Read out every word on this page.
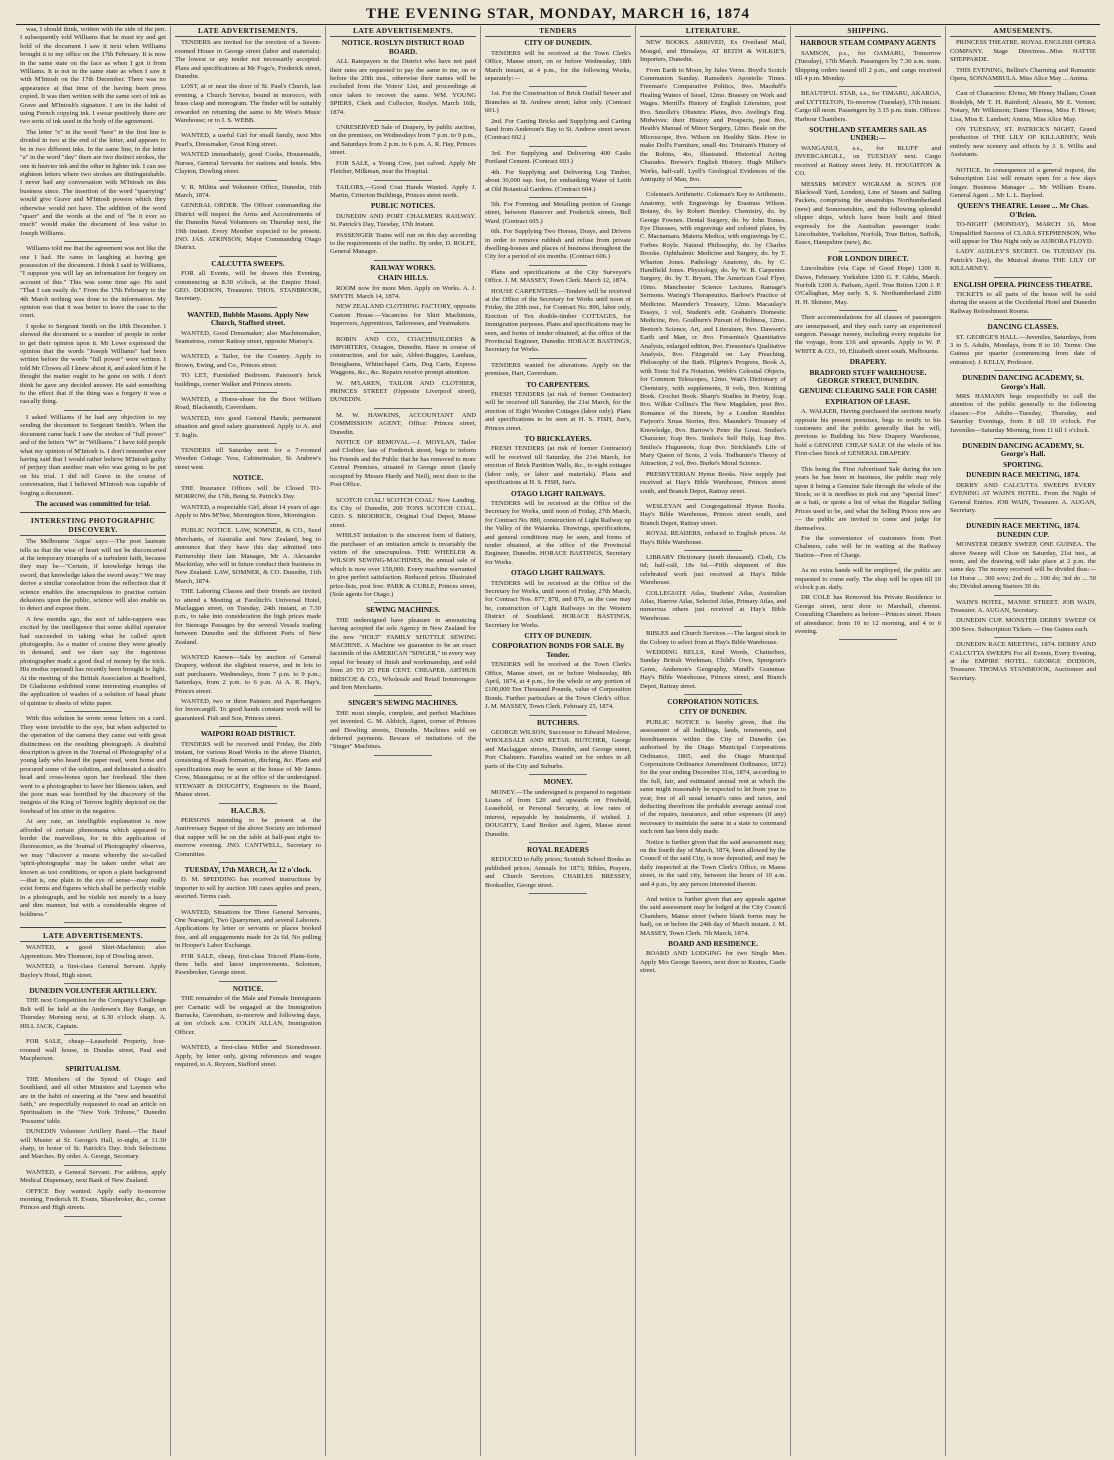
THE EVENING STAR, MONDAY, MARCH 16, 1874

was, I should think, written with the side of the pen. I subsequently told Williams that he must try and get hold of the document I saw it next when Williams brought it to my office on the 17th February. It is now in the same state on the face as when I got it from Williams. It is not in the same state as when I saw it with M'Intosh on the 17th December. There was no appearance at that time of the having been press copied. It was then written with the same sort of ink as Grave and M'Intosh's signature. I am in the habit of using French copying ink. I swear positively there are two sorts of ink used in the body of the agreement.

The letter "e" in the word "here" in the first line is divided in two at the end of the letter, and appears to be in two different inks. In the same line, in the letter "a" in the word "day" there are two distinct strokes, the one in heavier ink and the other in lighter ink. I can see eighteen letters where two strokes are distinguishable. I never had any conversation with M'Intosh on this business since. The insertion of the word "quarrying" would give Grave and M'Intosh powers which they otherwise would not have. The addition of the word "quarr" and the words at the end of "be it ever so much" would make the document of less value to Joseph Williams.

Williams told me that the agreement was not like the one I had. He came in laughing at having got possession of the document. I think I said to Williams, "I suppose you will lay an information for forgery on account of this." This was some time ago. He said "That I can easily do." From the 17th February to the 4th March nothing was done to the information. My opinion was that it was better to leave the case to the court.

I spoke to Sergeant Smith on the 18th December. I showed the document to a number of people in order to get their opinion upon it. Mr Lowe expressed the opinion that the words "Joseph Williams" had been written before the words "full power" were written. I told Mr Clowes all I knew about it, and asked him if he thought the matter ought to be gone on with. I don't think he gave any decided answer. He said something to the effect that if the thing was a forgery it was a rascally thing.

I asked Williams if he had any objection to my sending the document to Sergeant Smith's. When the document came back I saw the strokes of "full power" and of the letters "W" in "Williams." I have told people what my opinion of M'Intosh is. I don't remember ever having said that I would rather believe M'Intosh guilty of perjury than another man who was going to be put on his trial. I did tell Grave in the course of conversation, that I believed M'Intosh was capable of forging a document.

The accused was committed for trial.

INTERESTING PHOTOGRAPHIC DISCOVERY.

The Melbourne 'Argus' says:—The poet laureate tells us that the wise of heart will not be disconcerted at the temporary triumphs of a turbulent faith, because they may be—"Certain, if knowledge brings the sword, that knowledge takes the sword away." We may derive a similar consolation from the reflection that if science enables the unscrupulous to practise certain delusions upon the public, science will also enable us to detect and expose them.

A few months ago, the sect of table-rappers was excited by the intelligence that some skilful operator had succeeded in taking what he called spirit photographs. As a matter of course they were greatly in demand, and we dare say the ingenious photographer made a good deal of money by the trick. His modus operandi has recently been brought to light. At the meeting of the British Association at Bradford, Dr Gladstone exhibited some interesting examples of the application of washes of a solution of basal phate of quinine to sheets of white paper.

With this solution he wrote some letters on a card. They were invisible to the eye, but when subjected to the operation of the camera they came out with great distinctness on the resulting photograph. A doubtful description is given in the 'Journal of Photography' of a young lady who heard the paper read, went home and procured some of the solution, and delineated a death's head and cross-bones upon her forehead. She then went to a photographer to have her likeness taken, and the poor man was horrified by the discovery of the insignia of the King of Terrors legibly depicted on the forehead of his sitter in the negative.

At any rate, an intelligible explanation is now afforded of certain phenomena which appeared to border the marvellous, for in this application of fluorescence, as the 'Journal of Photography' observes, we may "discover a means whereby the so-called 'spirit-photographs' may be taken under what are known as test conditions, or upon a plain background—that is, one plain to the eye of sense—may really exist forms and figures which shall be perfectly visible in a photograph, and be visible not merely in a hazy and dim manner, but with a considerable degree of boldness."

LATE ADVERTISEMENTS.

WANTED, a good Shirt-Machinist; also Apprentices. Mrs Thomson, top of Dowling street.

WANTED, a first-class General Servant. Apply Bayley's Hotel, High street.

DUNEDIN VOLUNTEER ARTILLERY.

THE next Competition for the Company's Challenge Belt will be held at the Andersen's Bay Range, on Thursday Morning next, at 6.30 o'clock sharp. A. HILL JACK, Captain.

FOR SALE, cheap—Leasehold Property, four-roomed wall house, in Dundas street, Paul and Macpherson.

SPIRITUALISM.

THE Members of the Synod of Otago and Southland, and all other Ministers and Laymen who are in the habit of sneering at the "new and beautiful faith," are respectfully requested to read an article on Spiritualism in the "New York Tribune," Dunedin 'Possums' table.

DUNEDIN Volunteer Artillery Band.—The Band will Muster at St. George's Hall, to-night, at 11.30 sharp, in honor of St. Patrick's Day. Irish Selections and Marches. By order. A. George, Secretary.

WANTED, a General Servant. For address, apply Medical Dispensary, next Bank of New Zealand.

OFFICE Boy wanted. Apply early to-morrow morning, Frederick H. Evans, Sharebroker, &c., corner Princes and High streets.

LATE ADVERTISEMENTS.

TENDERS are invited for the erection of a Seven-roomed House in George street (labor and materials). The lowest or any tender not necessarily accepted. Plans and specifications at Mr Fogo's, Frederick street, Dunedin.

LOST, at or near the door of St. Paul's Church, last evening, a Church Service, bound in morocco, with brass clasp and monogram. The finder will be suitably rewarded on returning the same to Mr West's Music Warehouse; or to J. S. WEBB.

WANTED, a useful Girl for small family, next Mrs Pearl's, Dressmaker, Great King street.

WANTED immediately, good Cooks, Housemaids, Nurses, General Servants for stations and hotels. Mrs Clayton, Dowling street.

V. R. Militia and Volunteer Office, Dunedin, 16th March, 1874.

GENERAL ORDER. The Officer commanding the District will inspect the Arms and Accoutrements of the Dunedin Naval Volunteers on Thursday next, the 19th instant. Every Member expected to be present. JNO. JAS. ATKINSON, Major Commanding Otago District.

CALCUTTA SWEEPS.

FOR all Events, will be drawn this Evening, commencing at 8.30 o'clock, at the Empire Hotel. GEO. DODSON, Treasurer. THOS. STANBROOK, Secretary.

WANTED, Bubble Masons. Apply New Church, Stafford street.

WANTED, Good Dressmaker; also Machinemaker, Seamstress, corner Rattray street, opposite Murray's.

WANTED, a Tailor, for the Country. Apply to Brown, Ewing, and Co., Princes street.

TO LET, Furnished Bedroom. Paterson's brick buildings, corner Walker and Princes streets.

WANTED, a Horse-shoer for the Boot William Road, Blacksmith, Caversham.

WANTED, two good General Hands; permanent situation and good salary guaranteed. Apply to A. and T. Inglis.

TENDERS till Saturday next for a 7-roomed Wooden Cottage. Yess, Cabinetmaker, St. Andrew's street west.

NOTICE.

THE Insurance Offices will be Closed TO-MORROW, the 17th, Being St. Patrick's Day.

WANTED, a respectable Girl, about 14 years of age. Apply to Mrs M'Nee, Mornington Store, Mornington.

PUBLIC NOTICE. LAW, SOMNER, & CO., Seed Merchants, of Australia and New Zealand, beg to announce that they have this day admitted into Partnership their late Manager, Mr A. Alexander Mackinlay, who will in future conduct their business in New Zealand. LAW, SOMNER, & CO. Dunedin, 11th March, 1874.

THE Laboring Classes and their friends are invited to attend a Meeting at Farelitch's Universal Hotel, Maclaggan street, on Tuesday, 24th instant, at 7.30 p.m., to take into consideration the high prices made for Steerage Passages by the several Vessels trading between Dunedin and the different Ports of New Zealand.

WANTED Known—Sale by auction of General Drapery, without the slightest reserve, and in lots to suit purchasers. Wednesdays, from 7 p.m. to 9 p.m.; Saturdays, from 2 p.m. to 6 p.m. At A. R. Hay's, Princes street.

WANTED, two or three Painters and Paperhangers for Invercargill. To good hands constant work will be guaranteed. Fish and Son, Princes street.

WAIPORI ROAD DISTRICT.

TENDERS will be received until Friday, the 20th instant, for various Road Works in the above District, consisting of Roads formation, ditching, &c. Plans and specifications may be seen at the house of Mr James Crow, Maungatua; or at the office of the undersigned. STEWART & DOUGHTY, Engineers to the Board, Manse street.

H.A.C.B.S.

PERSONS intending to be present at the Anniversary Supper of the above Society are informed that supper will be on the table at half-past eight to-morrow evening. JNO. CANTWELL, Secretary to Committee.

TUESDAY, 17th MARCH, At 12 o'clock.

D. M. SPEDDING has received instructions by importer to sell by auction 100 cases apples and pears, assorted. Terms cash.

WANTED, Situations for Three General Servants, One Nursegirl, Two Quarrymen, and several Laborers. Applications by letter or servants or places booked free, and all engagements made for 2s 6d. No pulling in Hooper's Labor Exchange.

FOR SALE, cheap, first-class Tricord Plane-forte, three bells and latest improvements. Solomon, Pawnbroker, George street.

NOTICE.

THE remainder of the Male and Female Immigrants per Carnatic will be engaged at the Immigration Barracks, Caversham, to-morrow and following days, at ten o'clock a.m. COLIN ALLAN, Immigration Officer.

WANTED, a first-class Miller and Stonedresser. Apply, by letter only, giving references and wages required, to A. Reyzen, Stafford street.

LATE ADVERTISEMENTS.

NOTICE. ROSLYN DISTRICT ROAD BOARD.

ALL Ratepayers in the District who have not paid their rates are requested to pay the same to me, on or before the 20th inst., otherwise their names will be excluded from the Voters' List, and proceedings at once taken to recover the same. WM. YOUNG SPIERS, Clerk and Collector, Roslyn. March 16th, 1874.

UNRESERVED Sale of Drapery, by public auction, on the premises, on Wednesdays from 7 p.m. to 9 p.m., and Saturdays from 2 p.m. to 6 p.m. A. R. Hay, Princes street.

FOR SALE, a Young Cow, just calved. Apply Mr Fletcher, Milkman, near the Hospital.

TAILORS,—Good Coat Hands Wanted. Apply J. Martin, Criterion Buildings, Princes street north.

PUBLIC NOTICES.

DUNEDIN AND PORT CHALMERS RAILWAY. St. Patrick's Day, Tuesday, 17th Instant.

PASSENGER Trains will run on this day according to the requirements of the traffic. By order, D. ROLFE, General Manager.

RAILWAY WORKS.

CHAIN HILLS.

ROOM now for more Men. Apply on Works. A. J. SMYTH. March 14, 1874.

NEW ZEALAND CLOTHING FACTORY, opposite Custom House.—Vacancies for Shirt Machinists, Improvers, Apprentices, Tailoresses, and Vestmakers.

ROBIN AND CO., COACHBUILDERS & IMPORTERS, Octagon, Dunedin. Have in course of construction, and for sale, Abbot-Buggies, Landaus, Broughams, Whitechapel Carts, Dog Carts, Express Waggons, &c., &c. Repairs receive prompt attention.

W. M'LAREN, TAILOR AND CLOTHIER, PRINCES STREET (Opposite Liverpool street), DUNEDIN.

M. W. HAWKINS, ACCOUNTANT AND COMMISSION AGENT, Office: Princes street, Dunedin.

NOTICE OF REMOVAL.—J. MOYLAN, Tailor and Clothier, late of Frederick street, begs to inform his Friends and the Public that he has removed to more Central Premises, situated in George street (lately occupied by Messrs Hardy and Neil), next door to the Post Office.

SCOTCH COAL! SCOTCH COAL! Now Landing, Ex City of Dunedin, 200 TONS SCOTCH COAL. GEO. S. BRODRICK, Original Coal Depot, Manse street.

WHILST imitation is the sincerest form of flattery, the purchaser of an imitation article is invariably the victim of the unscrupulous. THE WHEELER & WILSON SEWING-MACHINES, the annual sale of which is now over 150,000. Every machine warranted to give perfect satisfaction. Reduced prices. Illustrated price-lists, post free. PARK & CURLE, Princes street, (Sole agents for Otago.)

SEWING MACHINES.

THE undersigned have pleasure in announcing having accepted the sole Agency in New Zealand for the new "HOLT" FAMILY SHUTTLE SEWING MACHINE. A Machine we guarantee to be an exact facsimile of the AMERICAN "SINGER," in every way equal for beauty of finish and workmanship, and sold from 20 TO 25 PER CENT. CHEAPER. ARTHUR BRISCOE & CO., Wholesale and Retail Ironmongers and Iron Merchants.

SINGER'S SEWING MACHINES.

THE most simple, complete, and perfect Machines yet invented. G. M. Aldrich, Agent, corner of Princes and Dowling streets, Dunedin. Machines sold on deferred payments. Beware of imitations of the "Singer" Machines.

TENDERS

CITY OF DUNEDIN.

TENDERS will be received at the Town Clerk's Office, Manse street, on or before Wednesday, 18th March instant, at 4 p.m., for the following Works, separately:—

1st. For the Construction of Brick Outfall Sewer and Branches at St. Andrew street; labor only. (Contract 601.)

2nd. For Carting Bricks and Supplying and Carting Sand from Anderson's Bay to St. Andrew street sewer. (Contract 602.)

3rd. For Supplying and Delivering 400 Casks Portland Cement. (Contract 603.)

4th. For Supplying and Delivering Log Timber, about 30,000 sup. feet, for embanking Water of Leith at Old Botanical Gardens. (Contract 604.)

5th. For Forming and Metalling portion of Grange street, between Hanover and Frederick streets, Bell Ward. (Contract 605.)

6th. For Supplying Two Horses, Drays, and Drivers in order to remove rubbish and refuse from private dwelling-houses and places of business throughout the City for a period of six months. (Contract 606.)

Plans and specifications at the City Surveyor's Office. J. M. MASSEY, Town Clerk. March 12, 1874.

HOUSE CARPENTERS.—Tenders will be received at the Office of the Secretary for Works until noon of Friday, the 20th inst., for Contract No. 896, labor only, Erection of Ten double-timber COTTAGES, for Immigration purposes. Plans and specifications may be seen, and forms of tender obtained, at the office of the Provincial Engineer, Dunedin. HORACE BASTINGS, Secretary for Works.

TENDERS wanted for alterations. Apply on the premises, Hart, Caversham.

TO CARPENTERS.

FRESH TENDERS (at risk of former Contractor) will be received till Saturday, the 21st March, for the erection of Eight Wooden Cottages (labor only). Plans and specifications to be seen at H. S. FISH, Jun's, Princes street.

TO BRICKLAYERS.

FRESH TENDERS (at risk of former Contractor) will be received till Saturday, the 21st March, for erection of Brick Partition Walls, &c., to eight cottages (labor only, or labor and materials). Plans and specifications at H. S. FISH, Jun's.

OTAGO LIGHT RAILWAYS.

TENDERS will be received at the Office of the Secretary for Works, until noon of Friday, 27th March, for Contract No. 880, construction of Light Railway up the Valley of the Waiareka. Drawings, specifications, and general conditions may be seen, and forms of tender obtained, at the office of the Provincial Engineer, Dunedin. HORACE BASTINGS, Secretary for Works.

OTAGO LIGHT RAILWAYS.

TENDERS will be received at the Office of the Secretary for Works, until noon of Friday, 27th March, for Contract Nos. 877, 878, and 879, as the case may be, construction of Light Railways in the Western District of Southland. HORACE BASTINGS, Secretary for Works.

CITY OF DUNEDIN.

CORPORATION BONDS FOR SALE. By Tender.

TENDERS will be received at the Town Clerk's Office, Manse street, on or before Wednesday, 8th April, 1874, at 4 p.m., for the whole or any portion of £100,000 Ten Thousand Pounds, value of Corporation Bonds. Further particulars at the Town Clerk's office. J. M. MASSEY, Town Clerk. February 25, 1874.

BUTCHERS.

GEORGE WILSON, Successor to Edward Meslove, WHOLESALE AND RETAIL BUTCHER, George and Maclaggan streets, Dunedin, and George street, Port Chalmers. Families waited on for orders in all parts of the City and Suburbs.

MONEY.

MONEY.—The undersigned is prepared to negotiate Loans of from £20 and upwards on Freehold, Leasehold, or Personal Security, at low rates of interest, repayable by instalments, if wished. J. DOUGHTY, Land Broker and Agent, Manse street Dunedin.

ROYAL READERS

REDUCED to fully prices; Scottish School Books as published prices; Annuals for 1873; Bibles, Prayers, and Church Services. CHARLES BRESSEY, Bookseller, George street.

LITERATURE.

NEW BOOKS. ARRIVED, Ex Overland Mail, Mongol, and Himalaya, AT REITH & WILKIE'S, Importers, Dunedin.

From Earth to Moon, by Jules Verne. Boyd's Scotch Communion Sunday. Ramsden's Apostolic Times. Freeman's Comparative Politics, 8vo. Macduff's Healing Waters of Israel, 12mo. Brassey on Work and Wages. Merrill's History of English Literature, post 8vo. Smollet's Obstetric Plates, 8vo. Aveling's Eng. Midwives: their History and Prospects, post 8vo. Heath's Manual of Minor Surgery, 12mo. Beale on the Microscope, 8vo. Wilson on Healthy Skin. How to make Doll's Furniture, small 4to. Tristram's History of the Robins, 4to, illustrated. Historical Acting Charades. Brewer's English History. Hugh Miller's Works, half-calf. Lyell's Geological Evidences of the Antiquity of Man, 8vo.

Coleman's Arithmetic. Coleman's Key to Arithmetic. Anatomy, with Engravings by Erasmus Wilson. Botany, do. by Robert Bentley. Chemistry, do. by George Fownes. Dental Surgery, do. by John Tomes. Eye Diseases, with engravings and colored plates, by C. Macnamara. Materia Medica, with engravings by C. Forbes Royle. Natural Philosophy, do. by Charles Brooke. Ophthalmic Medicine and Surgery, do. by T. Wharton Jones. Pathology Anatomy, do. by C. Handfield Jones. Physiology, do. by W. B. Carpenter. Surgery, do. by T. Bryant. The American Coal Flyer, 10mo. Manchester Science Lectures. Ramage's Sermons. Waring's Therapeutics. Barlow's Practice of Medicine. Maunder's Treasury, 12mo. Macaulay's Essays, 1 vol, Student's edit. Graham's Domestic Medicine, 8vo. Goulburn's Pursuit of Holiness, 12mo. Beeton's Science, Art, and Literature, 8vo. Dawson's Earth and Man, cr. 8vo. Fresenius's Quantitative Analysis, enlarged edition, 8vo. Fresenius's Qualitative Analysis, 8vo. Fitzgerald on Lay Preaching. Philosophy of the Bath. Pilgrim's Progress, Book A, with Tonic Sol Fa Notation. Webb's Celestial Objects, for Common Telescopes, 12mo. Watt's Dictionary of Chemistry, with supplements, 8 vols, 8vo. Knitting Book. Crochet Book. Sharp's Studies in Poetry, fcap. 8vo. Wilkie Collins's The New Magdalen, post 8vo. Romance of the Streets, by a London Rambler. Farjeon's Xmas Stories, 8vo. Maunder's Treasury of Knowledge, 8vo. Barrow's Peter the Great. Smiles's Character, fcap 8vo. Smiles's Self Help, fcap 8vo. Smiles's Huguenots, fcap 8vo. Strickland's Life of Mary Queen of Scots, 2 vols. Todhunter's Theory of Attraction, 2 vol, 8vo. Burke's Moral Science.

PRESBYTERIAN Hymn Books. New supply just received at Hay's Bible Warehouse, Princes street south, and Branch Depot, Rattray street.

WESLEYAN and Congregational Hymn Books. Hay's Bible Warehouse, Princes street south, and Branch Depot, Rattray street.

ROYAL READERS, reduced to English prices. At Hay's Bible Warehouse.

LIBRARY Dictionary (tenth thousand). Cloth, 13s 6d; half-calf, 18s 6d.—Fifth shipment of this celebrated work just received at Hay's Bible Warehouse.

COLLEGIATE Atlas, Students' Atlas, Australian Atlas, Harrow Atlas, Selected Atlas, Primary Atlas, and numerous others just received at Hay's Bible Warehouse.

BIBLES and Church Services.—The largest stock in the Colony to select from at Hay's Bible Warehouse.

WEDDING BELLS, Kind Words, Chatterbox, Sunday British Workman, Child's Own, Spurgeon's Gems, Anderson's Geography, Mandl's Grammar. Hay's Bible Warehouse, Princes street, and Branch Depot, Rattray street.

CORPORATION NOTICES.

CITY OF DUNEDIN.

PUBLIC NOTICE is hereby given, that the assessment of all buildings, lands, tenements, and hereditaments within the City of Dunedin (as authorised by the Otago Municipal Corporations Ordinance, 1865, and the Otago Municipal Corporations Ordinance Amendment Ordinance, 1872) for the year ending December 31st, 1874, according to the full, fair, and estimated annual rent at which the same might reasonably be expected to let from year to year, free of all usual tenant's rates and taxes, and deducting therefrom the probable average annual cost of the repairs, insurance, and other expenses (if any) necessary to maintain the same in a state to command such rent has been duly made.

Notice is further given that the said assessment may, on the fourth day of March, 1874, been allowed by the Council of the said City, is now deposited, and may be daily inspected at the Town Clerk's Office, in Manse street, in the said city, between the hours of 10 a.m. and 4 p.m., by any person interested therein.

And notice is further given that any appeals against the said assessment may be lodged at the City Council Chambers, Manse street (where blank forms may be had), on or before the 24th day of March instant. J. M. MASSEY, Town Clerk. 7th March, 1874.

BOARD AND RESIDENCE.

BOARD AND LODGING for two Single Men. Apply Mrs George Sawers, next door to Keates, Castle street.

SHIPPING.

HARBOUR STEAM COMPANY AGENTS

SAMSON, p.s., for OAMARU, Tomorrow (Tuesday), 17th March. Passengers by 7.30 a.m. train. Shipping orders issued till 2 p.m., and cargo received till 4 p.m. Monday.

BEAUTIFUL STAR, s.s., for TIMARU, AKAROA, and LYTTELTON, To-morrow (Tuesday), 17th instant. Cargo till noon. Passengers by 3.15 p.m. train. Offices: Harbour Chambers.

SOUTHLAND STEAMERS SAIL AS UNDER:—

WANGANUI, s.s., for BLUFF and INVERCARGILL, on TUESDAY next. Cargo received at Rattray street Jetty. H. HOUGHTON & CO.

MESSRS MONEY WIGRAM & SON'S (Of Blackwall Yard, London), Line of Steam and Sailing Packets, comprising the steamships Northumberland (new) and Somersetshire, and the following splendid clipper ships, which have been built and fitted expressly for the Australian passenger trade: Lincolnshire, Yorkshire, Norfolk, True Briton, Suffolk, Essex, Hampshire (new), &c.

FOR LONDON DIRECT.

Lincolnshire (via Cape of Good Hope) 1200 R. Daves, February. Yorkshire 1200 G. F. Gibbs, March. Norfolk 1200 A. Parham, April. True Briton 1200 J. P. O'Callaghan, May early. S. S. Northumberland 2180 H. H. Skinner, May.

Their accommodations for all classes of passengers are unsurpassed, and they each carry an experienced surgeon. Passage money, including every requisite for the voyage, from £16 and upwards. Apply to W. P. WHITE & CO., 10, Elizabeth street south, Melbourne.

DRAPERY.

BRADFORD STUFF WAREHOUSE. GEORGE STREET, DUNEDIN.

GENUINE CLEARING SALE FOR CASH!

EXPIRATION OF LEASE.

A. WALKER, Having purchased the sections nearly opposite his present premises, begs to notify to his customers and the public generally that he will, previous to Building his New Drapery Warehouse, hold a GENUINE CHEAP SALE Of the whole of his First-class Stock of GENERAL DRAPERY.

This being the First Advertised Sale during the ten years he has been in business, the public may rely upon it being a Genuine Sale through the whole of the Stock; so it is needless to pick out any "special lines" as a bait, or quote a list of what the Regular Selling Prices used to be, and what the Selling Prices now are — the public are invited to come and judge for themselves.

For the convenience of customers from Port Chalmers, cabs will be in waiting at the Railway Station—Free of Charge.

As no extra hands will be employed, the public are requested to come early. The shop will be open till 10 o'clock p.m. daily.

DR COLE has Removed his Private Residence to George street, next door to Marshall, chemist. Consulting Chambers as before—Princes street. Hours of attendance: from 10 to 12 morning, and 4 to 6 evening.

AMUSEMENTS.

PRINCESS THEATRE. ROYAL ENGLISH OPERA COMPANY. Stage Directress...Miss HATTIE SHEPPARDE.

THIS EVENING, Bellini's Charming and Romantic Opera, SONNAMBULA. Miss Alice May ... Amina.

Cast of Characters: Elvino, Mr Henry Hallam; Count Rodolph, Mr T. H. Rainford; Alessio, Mr E. Vernon; Notary, Mr Wilkinson; Dame Theresa, Miss F. Howe; Lisa, Miss E. Lambert; Amina, Miss Alice May.

ON TUESDAY, ST. PATRICK'S NIGHT, Grand production of THE LILY OF KILLARNEY, With entirely new scenery and effects by J. S. Willis and Assistants.

NOTICE. In consequence of a general request, the Subscription List will remain open for a few days longer. Business Manager ... Mr William Evans. General Agent ... Mr L. L. Bayleed.

QUEEN'S THEATRE. Lessee ... Mr Chas. O'Brien.

TO-NIGHT (MONDAY), MARCH 16, Most Unqualified Success of CLARA STEPHENSON, Who will appear for This Night only as AURORA FLOYD.

LADY AUDLEY'S SECRET. On TUESDAY (St. Patrick's Day), the Musical drama THE LILY OF KILLARNEY.

ENGLISH OPERA. PRINCESS THEATRE.

TICKETS to all parts of the house will be sold during the season at the Occidental Hotel and Dunedin Railway Refreshment Rooms.

DANCING CLASSES.

ST. GEORGE'S HALL.—Juveniles, Saturdays, from 3 to 5. Adults, Mondays, from 8 to 10. Terms: One Guinea per quarter (commencing from date of entrance). J. KELLY, Professor.

DUNEDIN DANCING ACADEMY, St. George's Hall.

MRS HAMANN begs respectfully to call the attention of the public generally to the following classes:—For Adults—Tuesday, Thursday, and Saturday Evenings, from 8 till 10 o'clock. For Juveniles—Saturday Morning, from 11 till 1 o'clock.

DUNEDIN DANCING ACADEMY, St. George's Hall.

SPORTING.

DUNEDIN RACE MEETING, 1874.

DERBY AND CALCUTTA SWEEPS EVERY EVENING AT WAIN'S HOTEL. From the Night of General Entries. JOB WAIN, Treasurer. A. AUGAN, Secretary.

DUNEDIN RACE MEETING, 1874. DUNEDIN CUP.

MONSTER DERBY SWEEP, ONE GUINEA. The above Sweep will Close on Saturday, 21st inst., at noon, and the drawing will take place at 2 p.m. the same day. The money received will be divided thus:—1st Horse ... 300 sovs; 2nd do ... 100 do; 3rd do ... 50 do; Divided among Starters 30 do.

WAIN'S HOTEL, MANSE STREET. JOB WAIN, Treasurer. A. AUGAN, Secretary.

DUNEDIN CUP. MONSTER DERBY SWEEP Of 300 Sovs. Subscription Tickets — One Guinea each.

DUNEDIN RACE MEETING, 1874. DERBY AND CALCUTTA SWEEPS For all Events, Every Evening, at the EMPIRE HOTEL. GEORGE DODSON, Treasurer. THOMAS STANBROOK, Auctioneer and Secretary.
